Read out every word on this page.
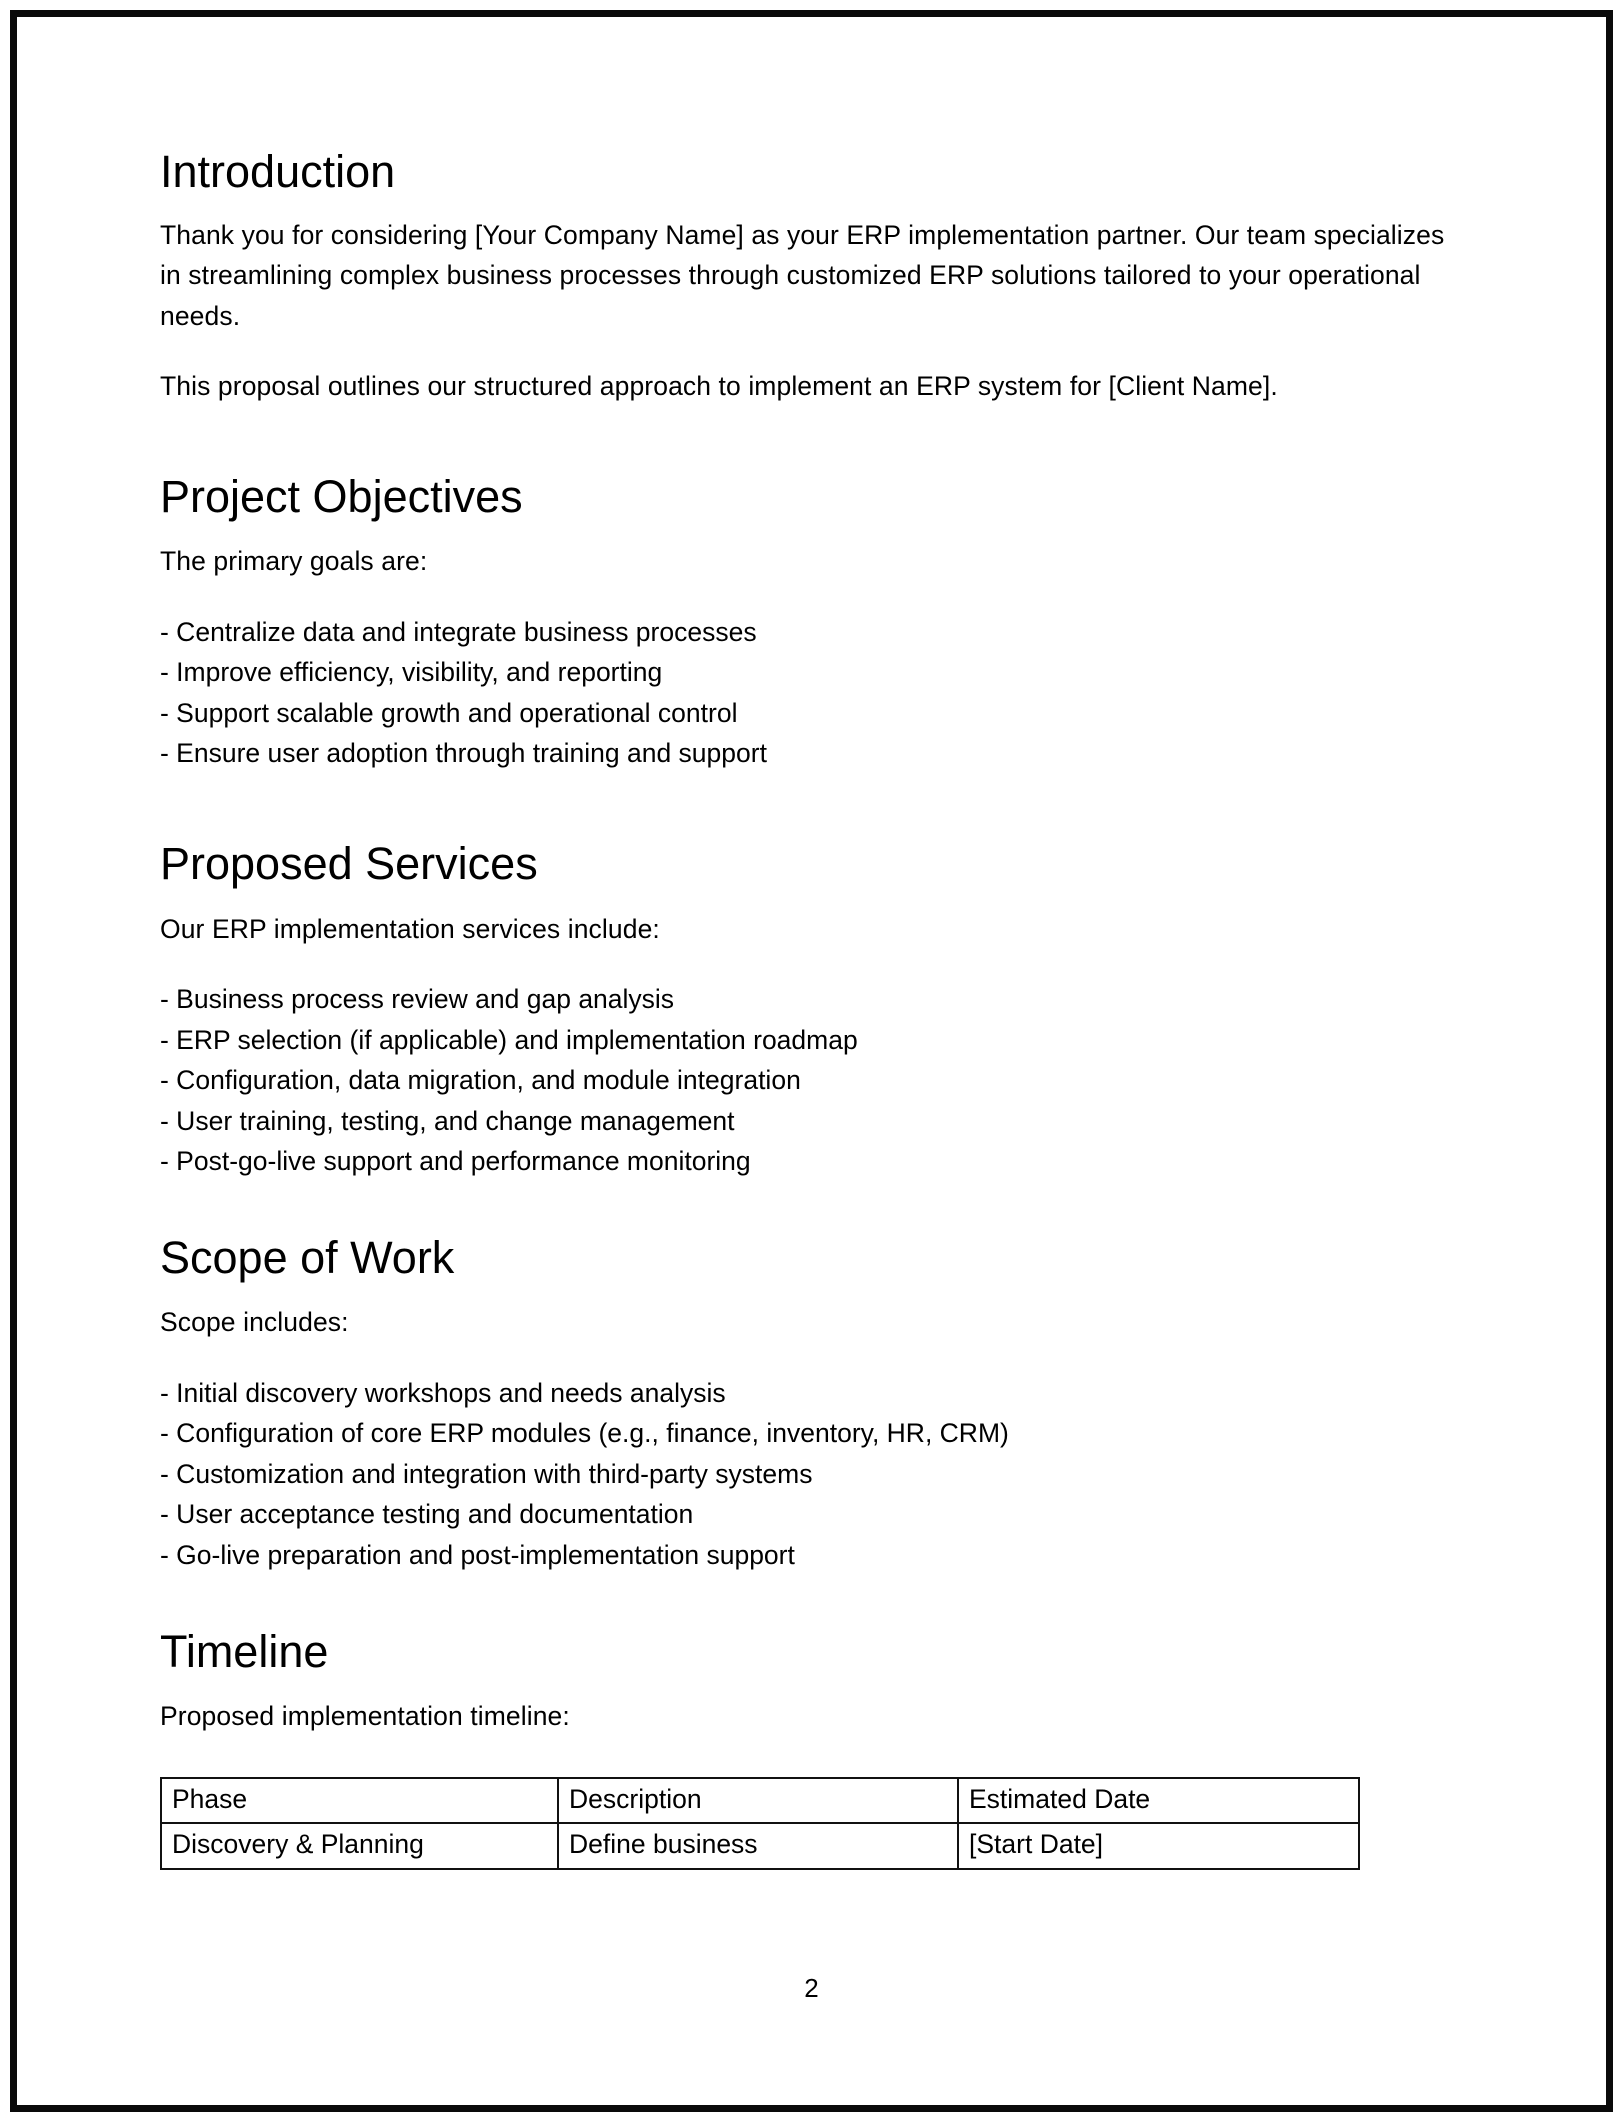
Introduction

Thank you for considering [Your Company Name] as your ERP implementation partner. Our team specializes in streamlining complex business processes through customized ERP solutions tailored to your operational needs.

This proposal outlines our structured approach to implement an ERP system for [Client Name].

Project Objectives

The primary goals are:

- Centralize data and integrate business processes
- Improve efficiency, visibility, and reporting
- Support scalable growth and operational control
- Ensure user adoption through training and support
Proposed Services

Our ERP implementation services include:

- Business process review and gap analysis
- ERP selection (if applicable) and implementation roadmap
- Configuration, data migration, and module integration
- User training, testing, and change management
- Post-go-live support and performance monitoring
Scope of Work

Scope includes:

- Initial discovery workshops and needs analysis
- Configuration of core ERP modules (e.g., finance, inventory, HR, CRM)
- Customization and integration with third-party systems
- User acceptance testing and documentation
- Go-live preparation and post-implementation support
Timeline

Proposed implementation timeline:

Phase	Description	Estimated Date
Discovery & Planning	Define business	[Start Date]
2
